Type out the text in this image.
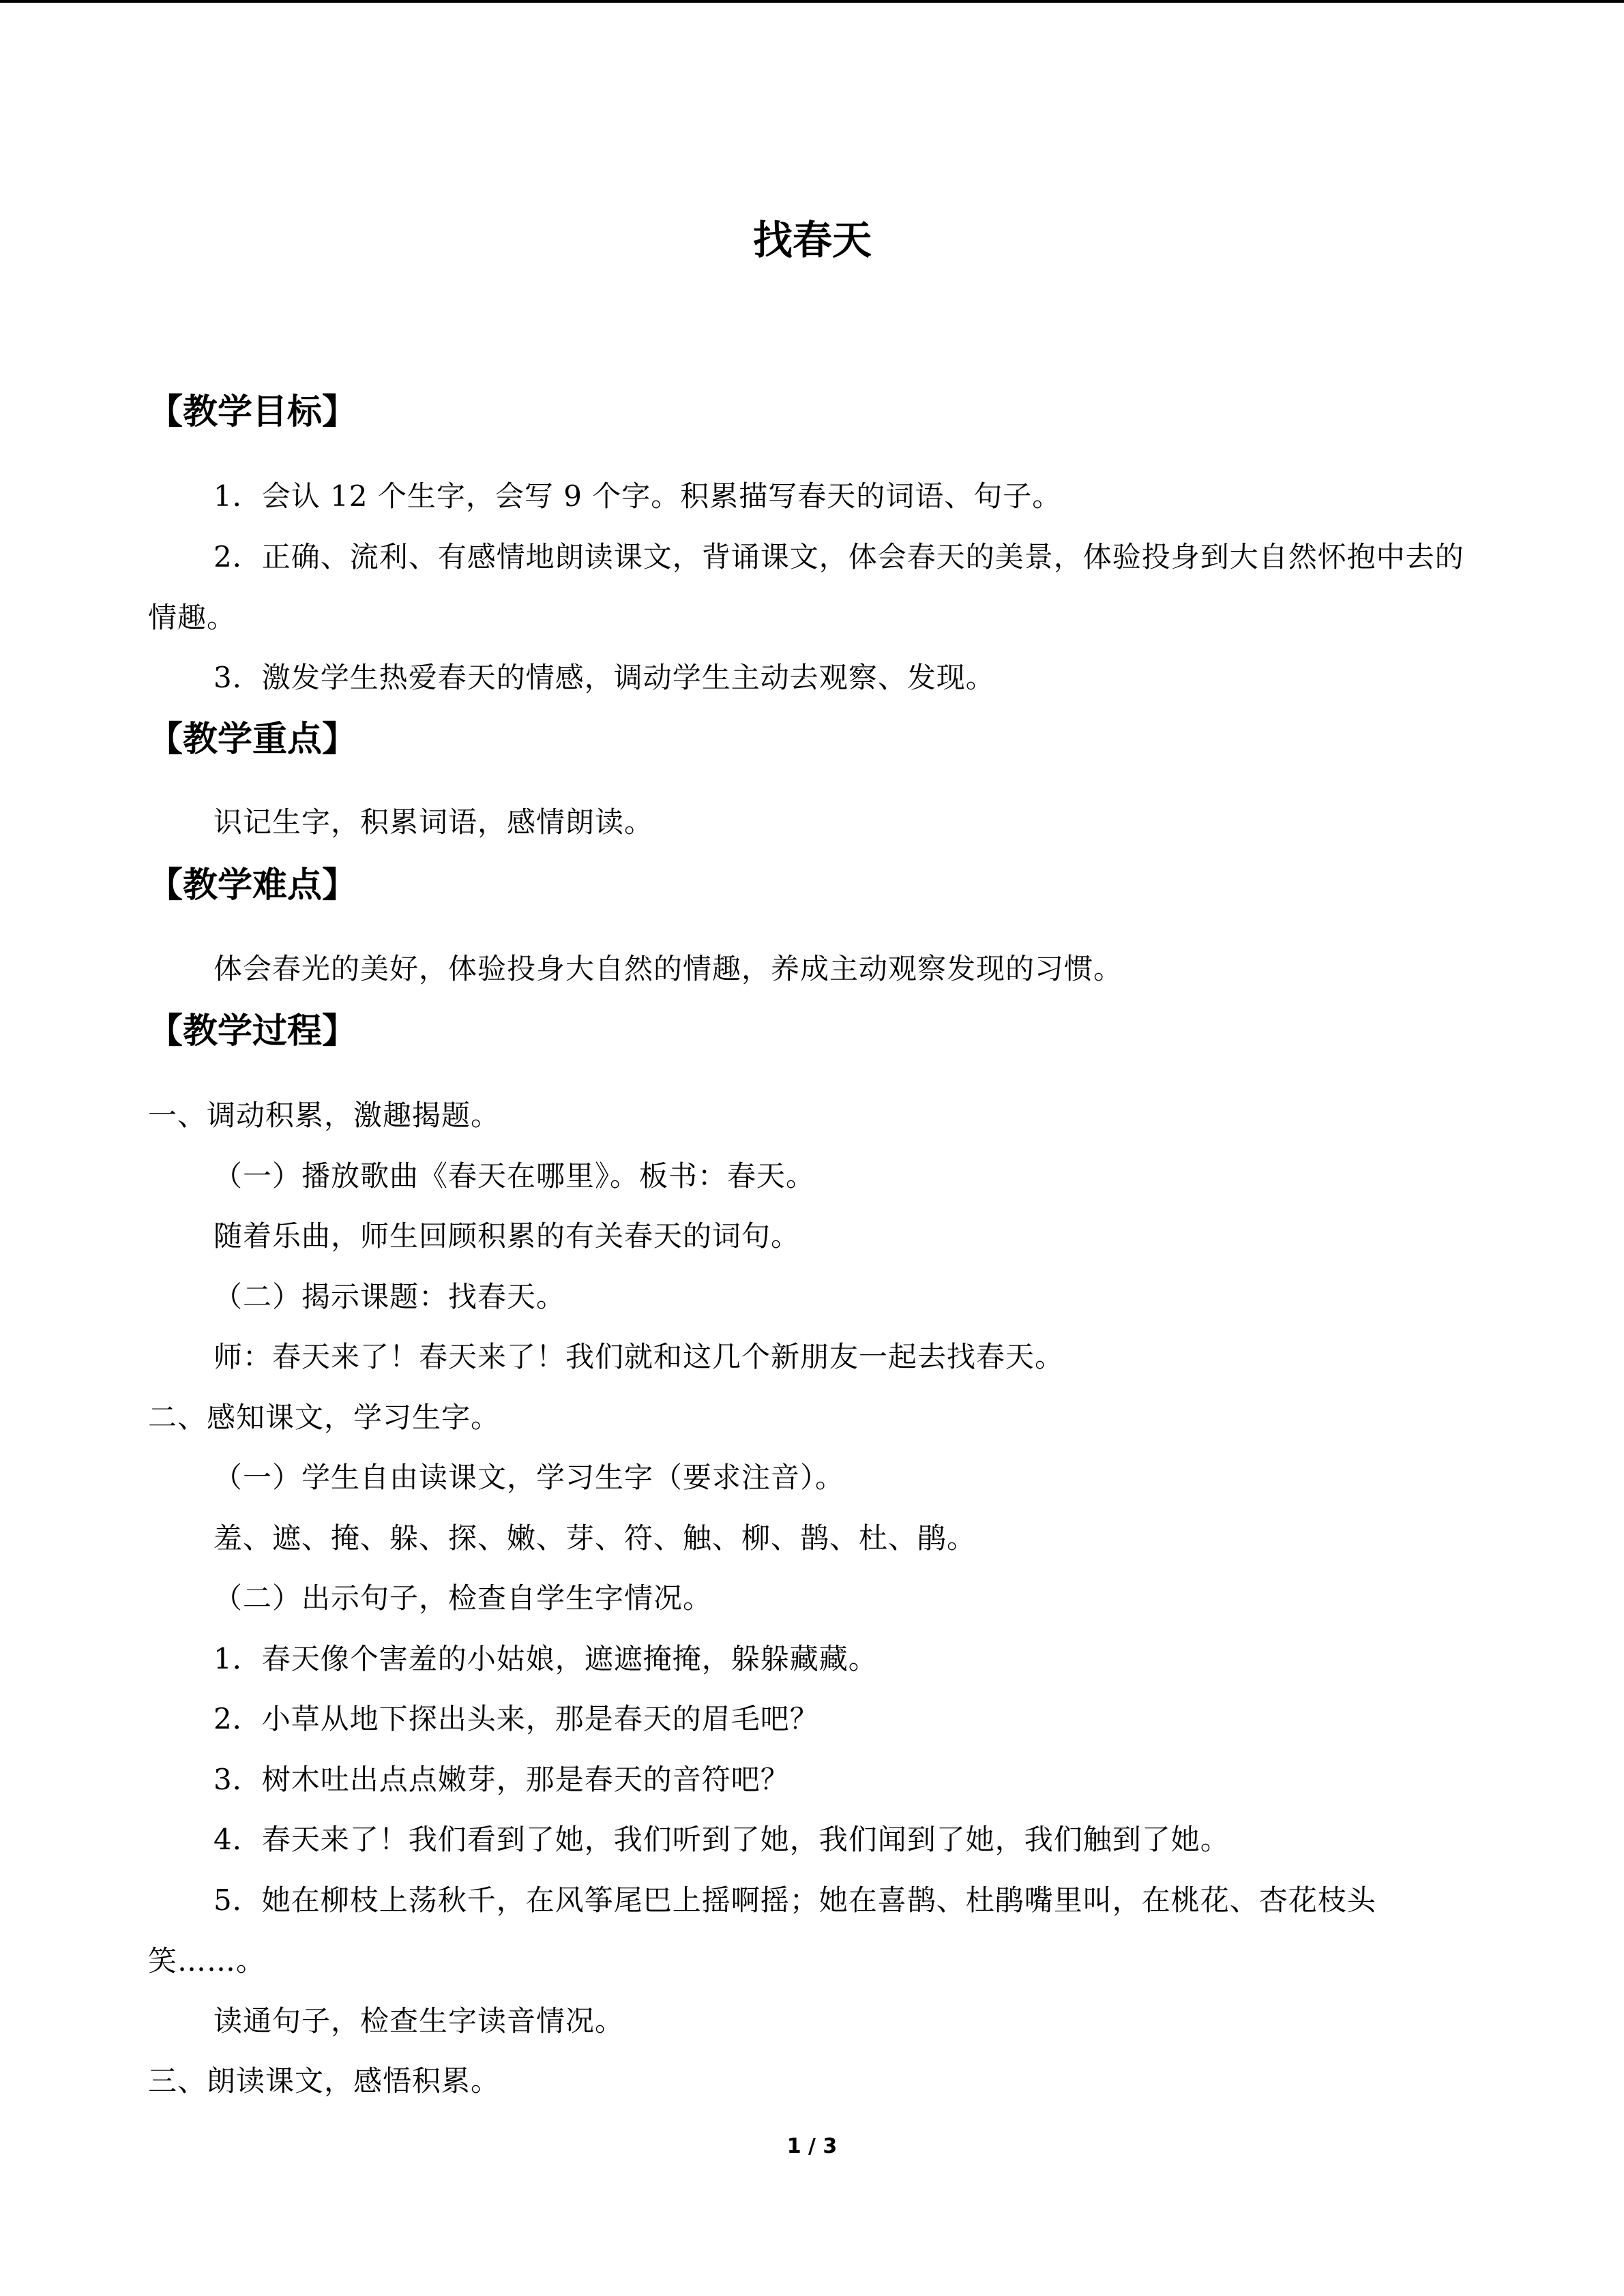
找春天
【教学目标】
1．会认 12 个生字，会写 9 个字。积累描写春天的词语、句子。
2．正确、流利、有感情地朗读课文，背诵课文，体会春天的美景，体验投身到大自然怀抱中去的情趣。
3．激发学生热爱春天的情感，调动学生主动去观察、发现。
【教学重点】
识记生字，积累词语，感情朗读。
【教学难点】
体会春光的美好，体验投身大自然的情趣，养成主动观察发现的习惯。
【教学过程】
一、调动积累，激趣揭题。
（一）播放歌曲《春天在哪里》。板书：春天。
随着乐曲，师生回顾积累的有关春天的词句。
（二）揭示课题：找春天。
师：春天来了！春天来了！我们就和这几个新朋友一起去找春天。
二、感知课文，学习生字。
（一）学生自由读课文，学习生字（要求注音）。
羞、遮、掩、躲、探、嫩、芽、符、触、柳、鹊、杜、鹃。
（二）出示句子，检查自学生字情况。
1．春天像个害羞的小姑娘，遮遮掩掩，躲躲藏藏。
2．小草从地下探出头来，那是春天的眉毛吧？
3．树木吐出点点嫩芽，那是春天的音符吧？
4．春天来了！我们看到了她，我们听到了她，我们闻到了她，我们触到了她。
5．她在柳枝上荡秋千，在风筝尾巴上摇啊摇；她在喜鹊、杜鹃嘴里叫，在桃花、杏花枝头笑……。
读通句子，检查生字读音情况。
三、朗读课文，感悟积累。
1 / 3
